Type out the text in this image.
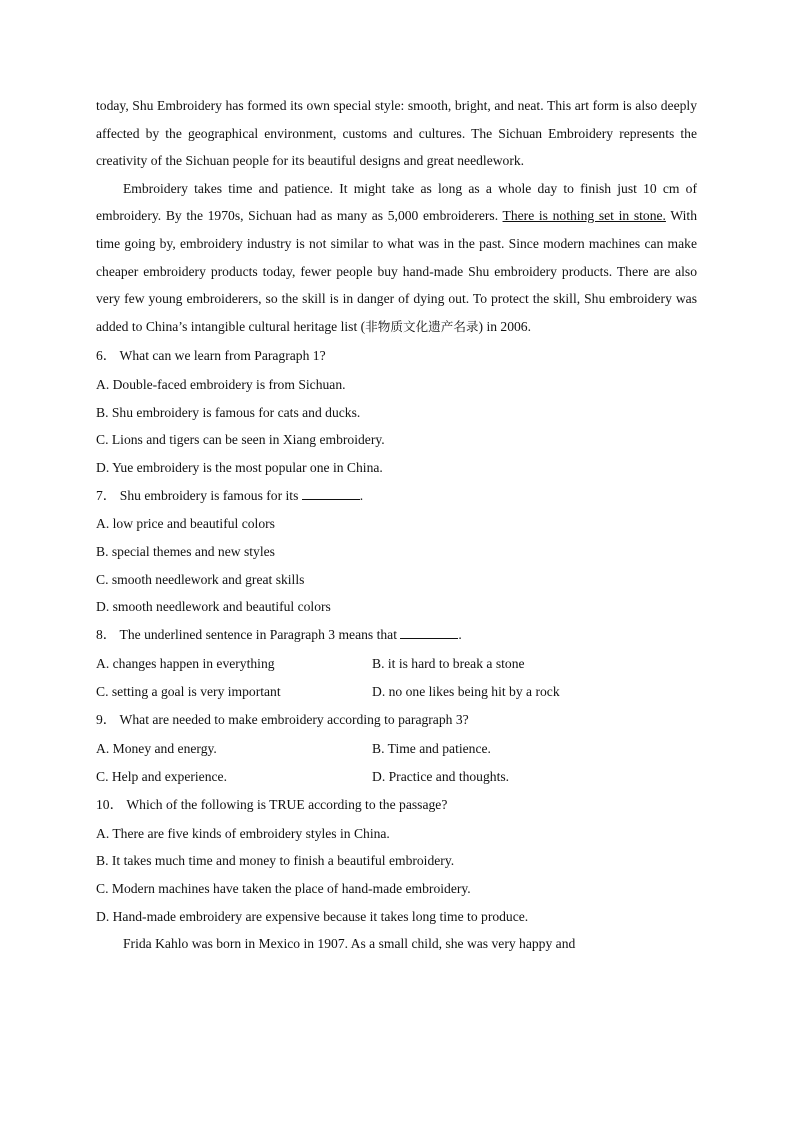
today, Shu Embroidery has formed its own special style: smooth, bright, and neat. This art form is also deeply affected by the geographical environment, customs and cultures. The Sichuan Embroidery represents the creativity of the Sichuan people for its beautiful designs and great needlework.

Embroidery takes time and patience. It might take as long as a whole day to finish just 10 cm of embroidery. By the 1970s, Sichuan had as many as 5,000 embroiderers. There is nothing set in stone. With time going by, embroidery industry is not similar to what was in the past. Since modern machines can make cheaper embroidery products today, fewer people buy hand-made Shu embroidery products. There are also very few young embroiderers, so the skill is in danger of dying out. To protect the skill, Shu embroidery was added to China’s intangible cultural heritage list (非物质文化遗产名录) in 2006.

6． What can we learn from Paragraph 1?

A. Double-faced embroidery is from Sichuan.

B. Shu embroidery is famous for cats and ducks.

C. Lions and tigers can be seen in Xiang embroidery.

D. Yue embroidery is the most popular one in China.

7． Shu embroidery is famous for its	.

A. low price and beautiful colors

B. special themes and new styles

C. smooth needlework and great skills

D. smooth needlework and beautiful colors

8． The underlined sentence in Paragraph 3 means that	.

A. changes happen in everything	B. it is hard to break a stone
C. setting a goal is very important	D. no one likes being hit by a rock

9． What are needed to make embroidery according to paragraph 3?

A. Money and energy.	B. Time and patience.
C. Help and experience.	D. Practice and thoughts.

10． Which of the following is TRUE according to the passage?

A. There are five kinds of embroidery styles in China.

B. It takes much time and money to finish a beautiful embroidery.

C. Modern machines have taken the place of hand-made embroidery.

D. Hand-made embroidery are expensive because it takes long time to produce.

Frida Kahlo was born in Mexico in 1907. As a small child, she was very happy and
